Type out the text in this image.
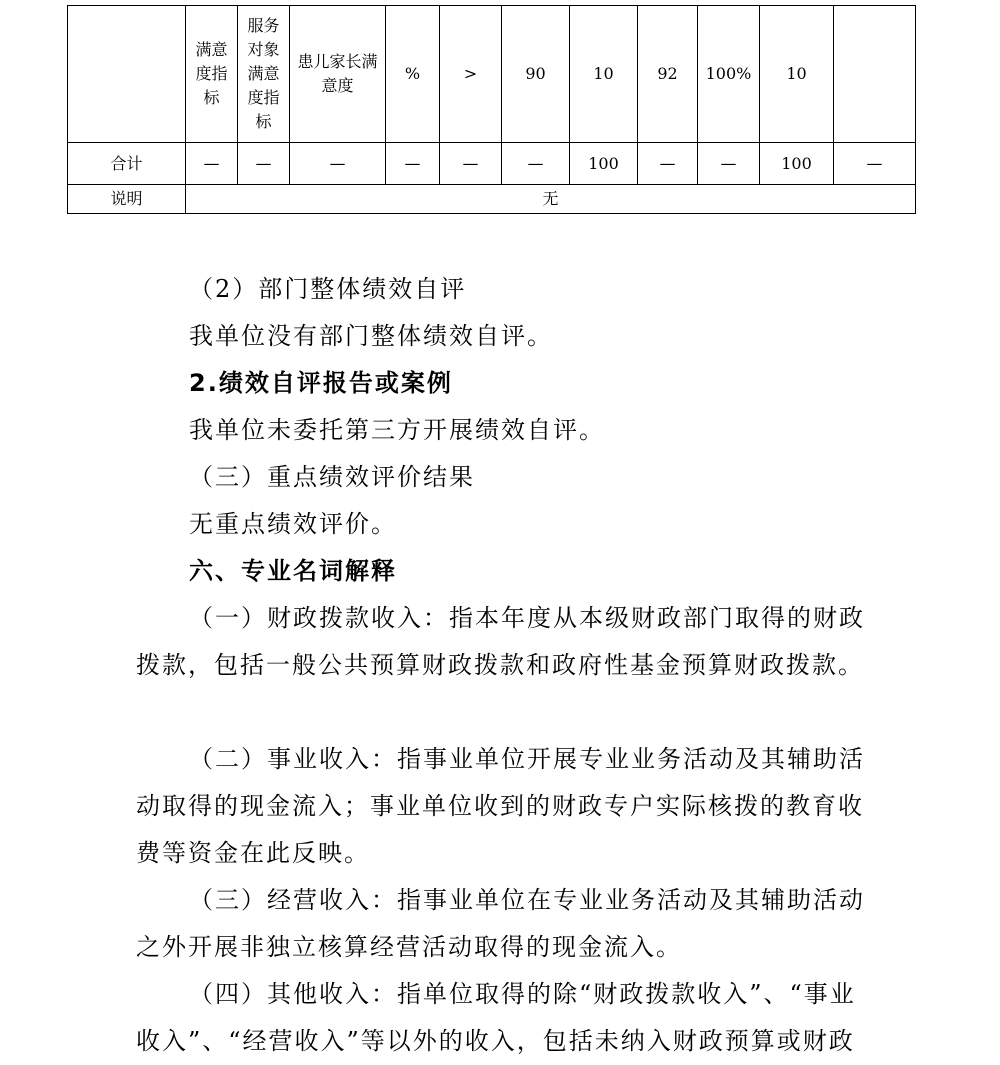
	满意度指标	服务对象满意度指标	患儿家长满意度	%	>	90	10	92	100%	10	
合计	—	—	—	—	—	—	100	—	—	100	—
说明	无										

（2）部门整体绩效自评

我单位没有部门整体绩效自评。

2.绩效自评报告或案例

我单位未委托第三方开展绩效自评。

（三）重点绩效评价结果

无重点绩效评价。

六、专业名词解释

（一）财政拨款收入：指本年度从本级财政部门取得的财政拨款，包括一般公共预算财政拨款和政府性基金预算财政拨款。

（二）事业收入：指事业单位开展专业业务活动及其辅助活动取得的现金流入；事业单位收到的财政专户实际核拨的教育收费等资金在此反映。

（三）经营收入：指事业单位在专业业务活动及其辅助活动之外开展非独立核算经营活动取得的现金流入。

（四）其他收入：指单位取得的除“财政拨款收入”、“事业收入”、“经营收入”等以外的收入，包括未纳入财政预算或财政
